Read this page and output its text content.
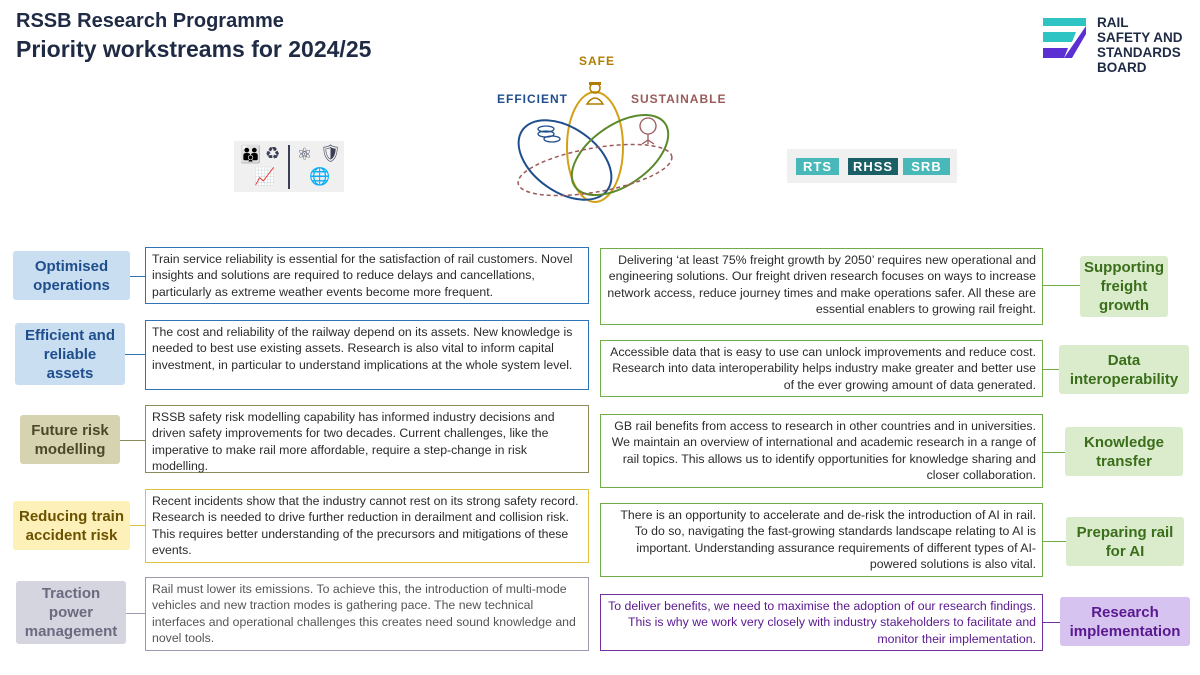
RSSB Research Programme
Priority workstreams for 2024/25
RAIL
SAFETY AND
STANDARDS
BOARD
SAFE
EFFICIENT	SUSTAINABLE
👪 ♻
📈
⚛ 🛡
🌐
RTS	RHSS	SRB
Optimised operations
Train service reliability is essential for the satisfaction of rail customers. Novel insights and solutions are required to reduce delays and cancellations, particularly as extreme weather events become more frequent.
Efficient and reliable assets
The cost and reliability of the railway depend on its assets. New knowledge is needed to best use existing assets. Research is also vital to inform capital investment, in particular to understand implications at the whole system level.
Future risk modelling
RSSB safety risk modelling capability has informed industry decisions and driven safety improvements for two decades. Current challenges, like the imperative to make rail more affordable, require a step-change in risk modelling.
Reducing train accident risk
Recent incidents show that the industry cannot rest on its strong safety record. Research is needed to drive further reduction in derailment and collision risk. This requires better understanding of the precursors and mitigations of these events.
Traction power management
Rail must lower its emissions. To achieve this, the introduction of multi-mode vehicles and new traction modes is gathering pace. The new technical interfaces and operational challenges this creates need sound knowledge and novel tools.
Delivering ‘at least 75% freight growth by 2050’ requires new operational and engineering solutions. Our freight driven research focuses on ways to increase network access, reduce journey times and make operations safer. All these are essential enablers to growing rail freight.
Supporting freight growth
Accessible data that is easy to use can unlock improvements and reduce cost. Research into data interoperability helps industry make greater and better use of the ever growing amount of data generated.
Data interoperability
GB rail benefits from access to research in other countries and in universities. We maintain an overview of international and academic research in a range of rail topics. This allows us to identify opportunities for knowledge sharing and closer collaboration.
Knowledge transfer
There is an opportunity to accelerate and de-risk the introduction of AI in rail. To do so, navigating the fast-growing standards landscape relating to AI is important. Understanding assurance requirements of different types of AI-powered solutions is also vital.
Preparing rail for AI
To deliver benefits, we need to maximise the adoption of our research findings. This is why we work very closely with industry stakeholders to facilitate and monitor their implementation.
Research implementation
